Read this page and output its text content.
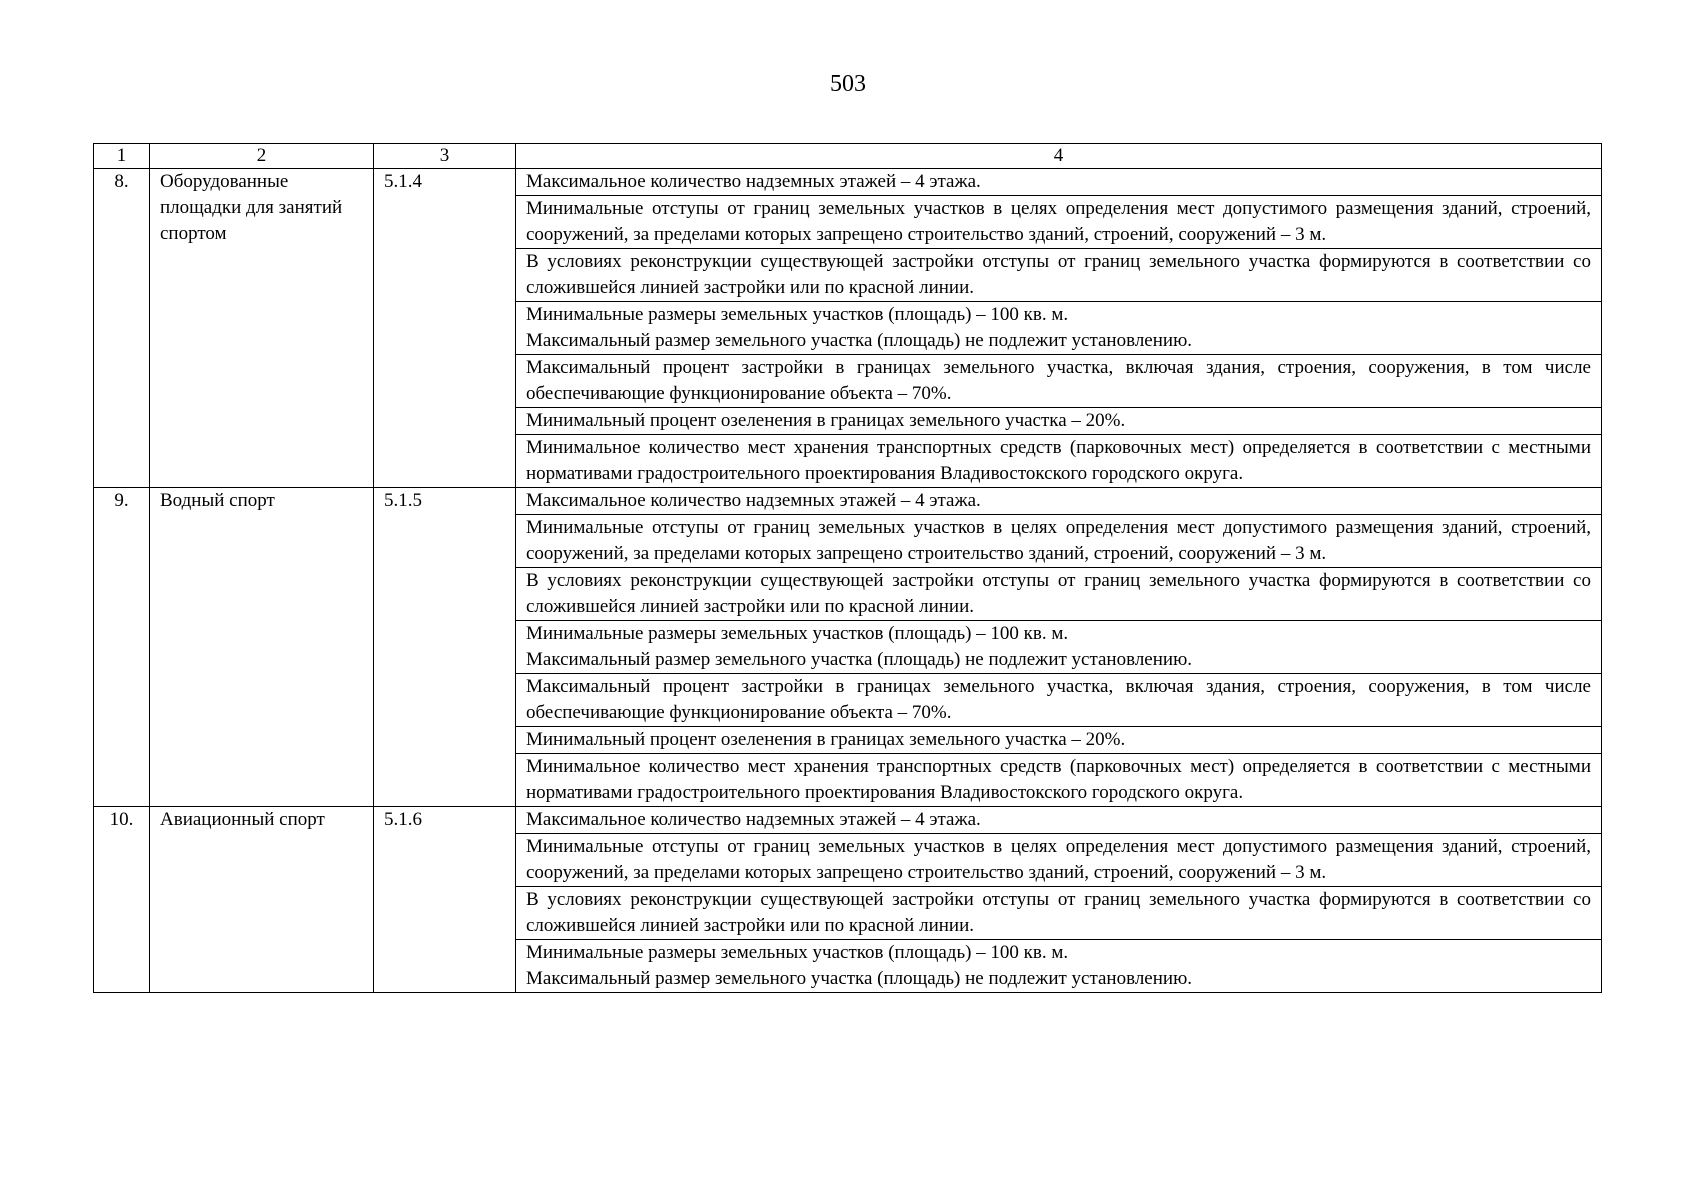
503
1	2	3	4
8.	Оборудованные площадки для занятий спортом	5.1.4	Максимальное количество надземных этажей – 4 этажа.
			Минимальные отступы от границ земельных участков в целях определения мест допустимого размещения зданий, строений, сооружений, за пределами которых запрещено строительство зданий, строений, сооружений – 3 м.
			В условиях реконструкции существующей застройки отступы от границ земельного участка формируются в соответствии со сложившейся линией застройки или по красной линии.
			Минимальные размеры земельных участков (площадь) – 100 кв. м.
Максимальный размер земельного участка (площадь) не подлежит установлению.
			Максимальный процент застройки в границах земельного участка, включая здания, строения, сооружения, в том числе обеспечивающие функционирование объекта – 70%.
			Минимальный процент озеленения в границах земельного участка – 20%.
			Минимальное количество мест хранения транспортных средств (парковочных мест) определяется в соответствии с местными нормативами градостроительного проектирования Владивостокского городского округа.
9.	Водный спорт	5.1.5	Максимальное количество надземных этажей – 4 этажа.
			Минимальные отступы от границ земельных участков в целях определения мест допустимого размещения зданий, строений, сооружений, за пределами которых запрещено строительство зданий, строений, сооружений – 3 м.
			В условиях реконструкции существующей застройки отступы от границ земельного участка формируются в соответствии со сложившейся линией застройки или по красной линии.
			Минимальные размеры земельных участков (площадь) – 100 кв. м.
Максимальный размер земельного участка (площадь) не подлежит установлению.
			Максимальный процент застройки в границах земельного участка, включая здания, строения, сооружения, в том числе обеспечивающие функционирование объекта – 70%.
			Минимальный процент озеленения в границах земельного участка – 20%.
			Минимальное количество мест хранения транспортных средств (парковочных мест) определяется в соответствии с местными нормативами градостроительного проектирования Владивостокского городского округа.
10.	Авиационный спорт	5.1.6	Максимальное количество надземных этажей – 4 этажа.
			Минимальные отступы от границ земельных участков в целях определения мест допустимого размещения зданий, строений, сооружений, за пределами которых запрещено строительство зданий, строений, сооружений – 3 м.
			В условиях реконструкции существующей застройки отступы от границ земельного участка формируются в соответствии со сложившейся линией застройки или по красной линии.
			Минимальные размеры земельных участков (площадь) – 100 кв. м.
Максимальный размер земельного участка (площадь) не подлежит установлению.
